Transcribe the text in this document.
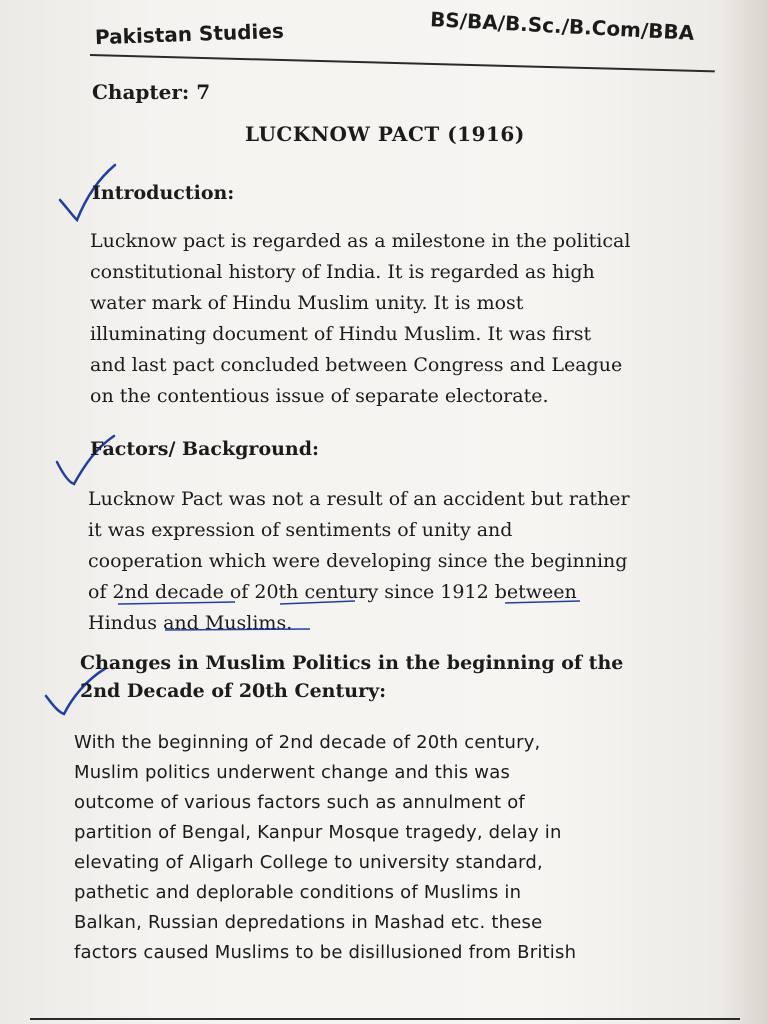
Pakistan Studies	BS/BA/B.Sc./B.Com/BBA
Chapter: 7
LUCKNOW PACT (1916)
Introduction:
Lucknow pact is regarded as a milestone in the political
constitutional history of India. It is regarded as high
water mark of Hindu Muslim unity. It is most
illuminating document of Hindu Muslim. It was first
and last pact concluded between Congress and League
on the contentious issue of separate electorate.
Factors/ Background:
Lucknow Pact was not a result of an accident but rather
it was expression of sentiments of unity and
cooperation which were developing since the beginning
of 2nd decade of 20th century since 1912 between
Hindus and Muslims.
Changes in Muslim Politics in the beginning of the
2nd Decade of 20th Century:
With the beginning of 2nd decade of 20th century,
Muslim politics underwent change and this was
outcome of various factors such as annulment of
partition of Bengal, Kanpur Mosque tragedy, delay in
elevating of Aligarh College to university standard,
pathetic and deplorable conditions of Muslims in
Balkan, Russian depredations in Mashad etc. these
factors caused Muslims to be disillusioned from British
